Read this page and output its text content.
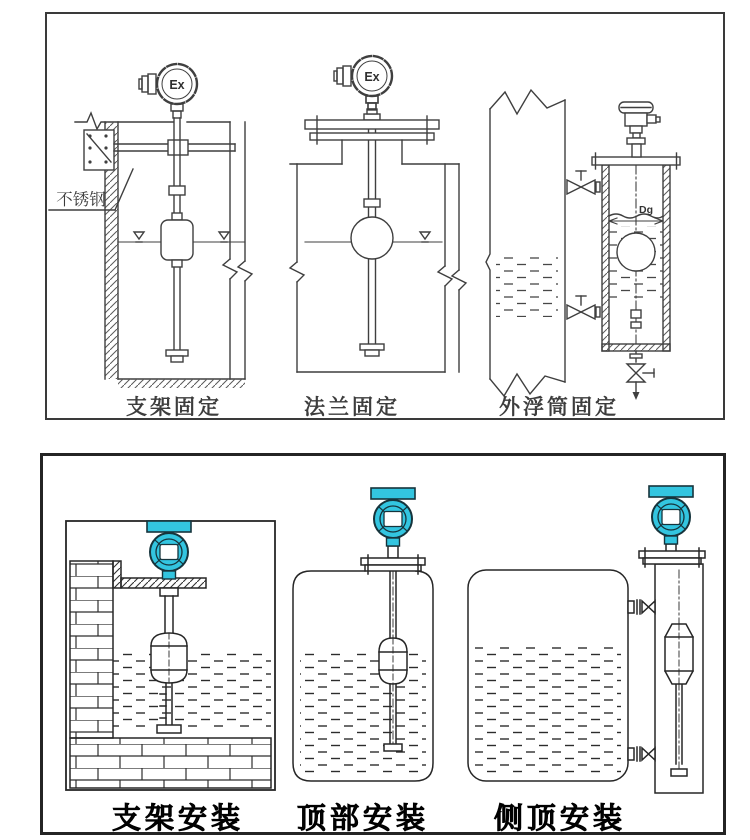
不锈钢
Ex
Ex
Dg
支架固定	法兰固定	外浮筒固定
支架安装	顶部安装	侧顶安装
